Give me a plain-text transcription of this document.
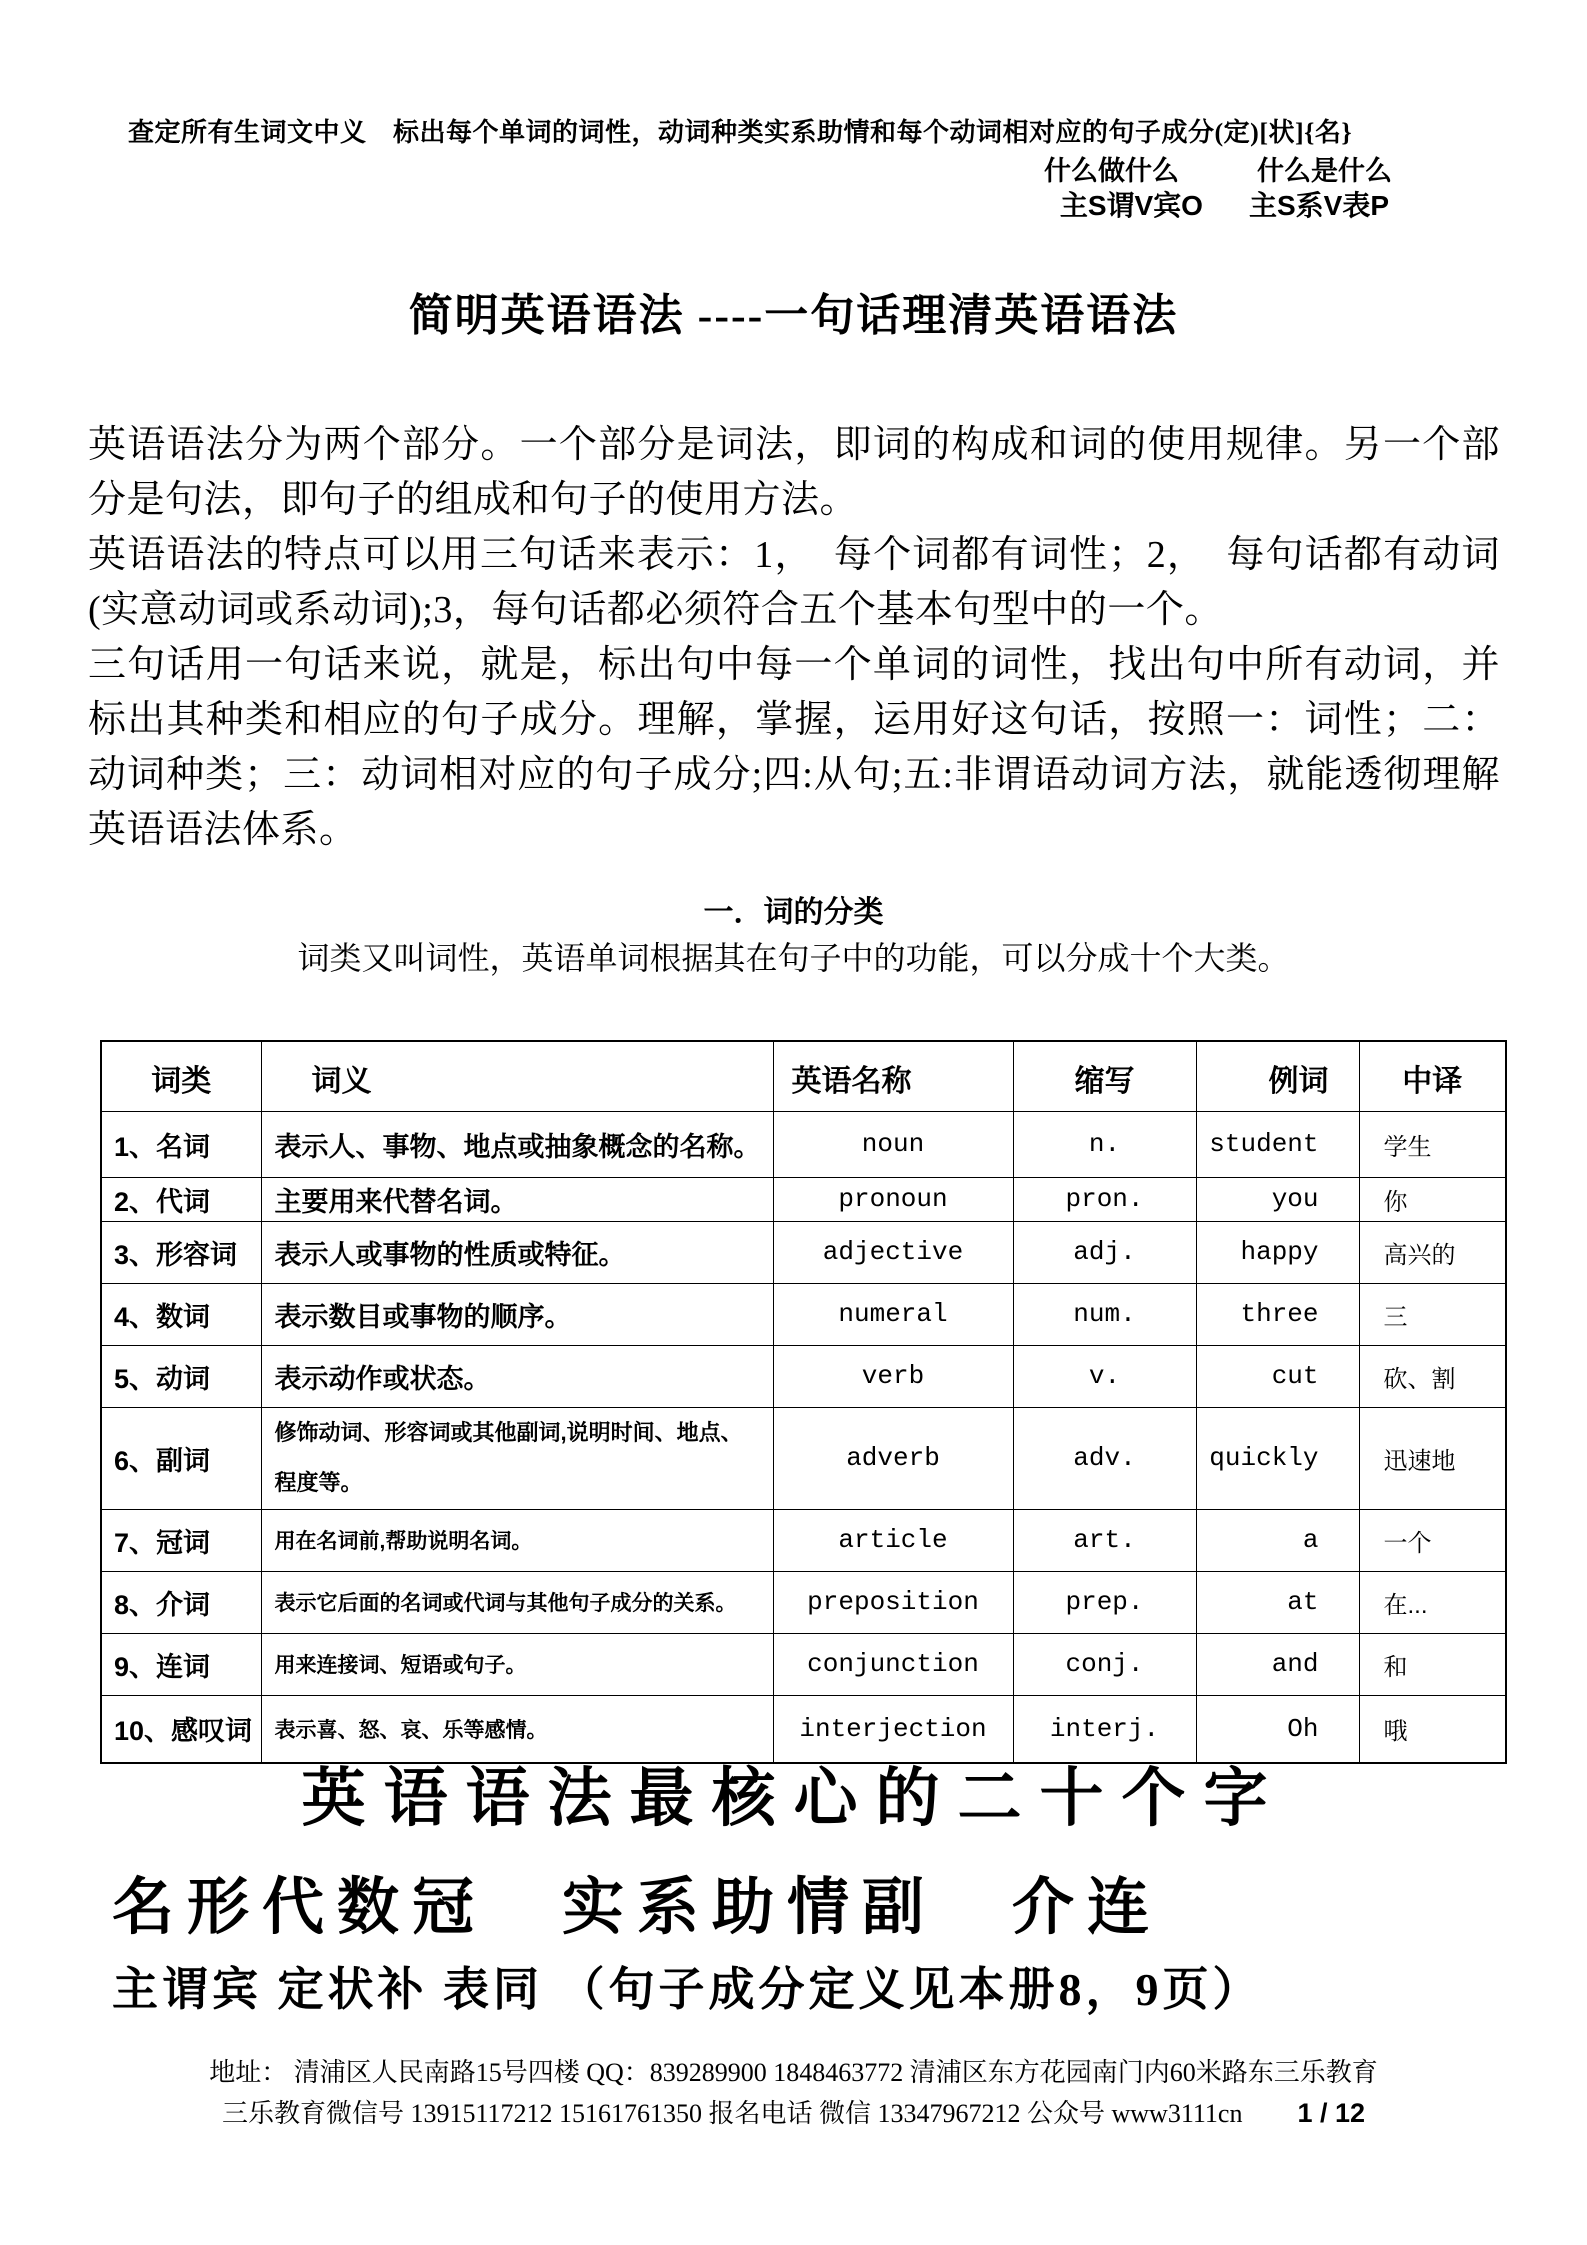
查定所有生词文中义　标出每个单词的词性，动词种类实系助情和每个动词相对应的句子成分(定)[状]{名}
什么做什么	什么是什么
主S谓V宾O 主S系V表P
简明英语语法 ----一句话理清英语语法

英语语法分为两个部分。一个部分是词法，即词的构成和词的使用规律。另一个部分是句法，即句子的组成和句子的使用方法。

英语语法的特点可以用三句话来表示：1，　每个词都有词性；2，　每句话都有动词(实意动词或系动词);3，每句话都必须符合五个基本句型中的一个。

三句话用一句话来说，就是，标出句中每一个单词的词性，找出句中所有动词，并标出其种类和相应的句子成分。理解，掌握，运用好这句话，按照一：词性；二：动词种类；三：动词相对应的句子成分;四:从句;五:非谓语动词方法，就能透彻理解英语语法体系。

一．词的分类
词类又叫词性，英语单词根据其在句子中的功能，可以分成十个大类。
词类	词义	英语名称	缩写	例词	中译
1、名词	表示人、事物、地点或抽象概念的名称。	noun	n.	student	学生
2、代词	主要用来代替名词。	pronoun	pron.	you	你
3、形容词	表示人或事物的性质或特征。	adjective	adj.	happy	高兴的
4、数词	表示数目或事物的顺序。	numeral	num.	three	三
5、动词	表示动作或状态。	verb	v.	cut	砍、割
6、副词	修饰动词、形容词或其他副词,说明时间、地点、程度等。	adverb	adv.	quickly	迅速地
7、冠词	用在名词前,帮助说明名词。	article	art.	a	一个
8、介词	表示它后面的名词或代词与其他句子成分的关系。	preposition	prep.	at	在...
9、连词	用来连接词、短语或句子。	conjunction	conj.	and	和
10、感叹词	表示喜、怒、哀、乐等感情。	interjection	interj.	Oh	哦
英语语法最核心的二十个字
名形代数冠　实系助情副　介连
主谓宾 定状补 表同 （句子成分定义见本册8，9页）
地址： 清浦区人民南路15号四楼 QQ：839289900 1848463772 清浦区东方花园南门内60米路东三乐教育
三乐教育微信号 13915117212 15161761350 报名电话 微信 13347967212 公众号 www3111cn 1 / 12
